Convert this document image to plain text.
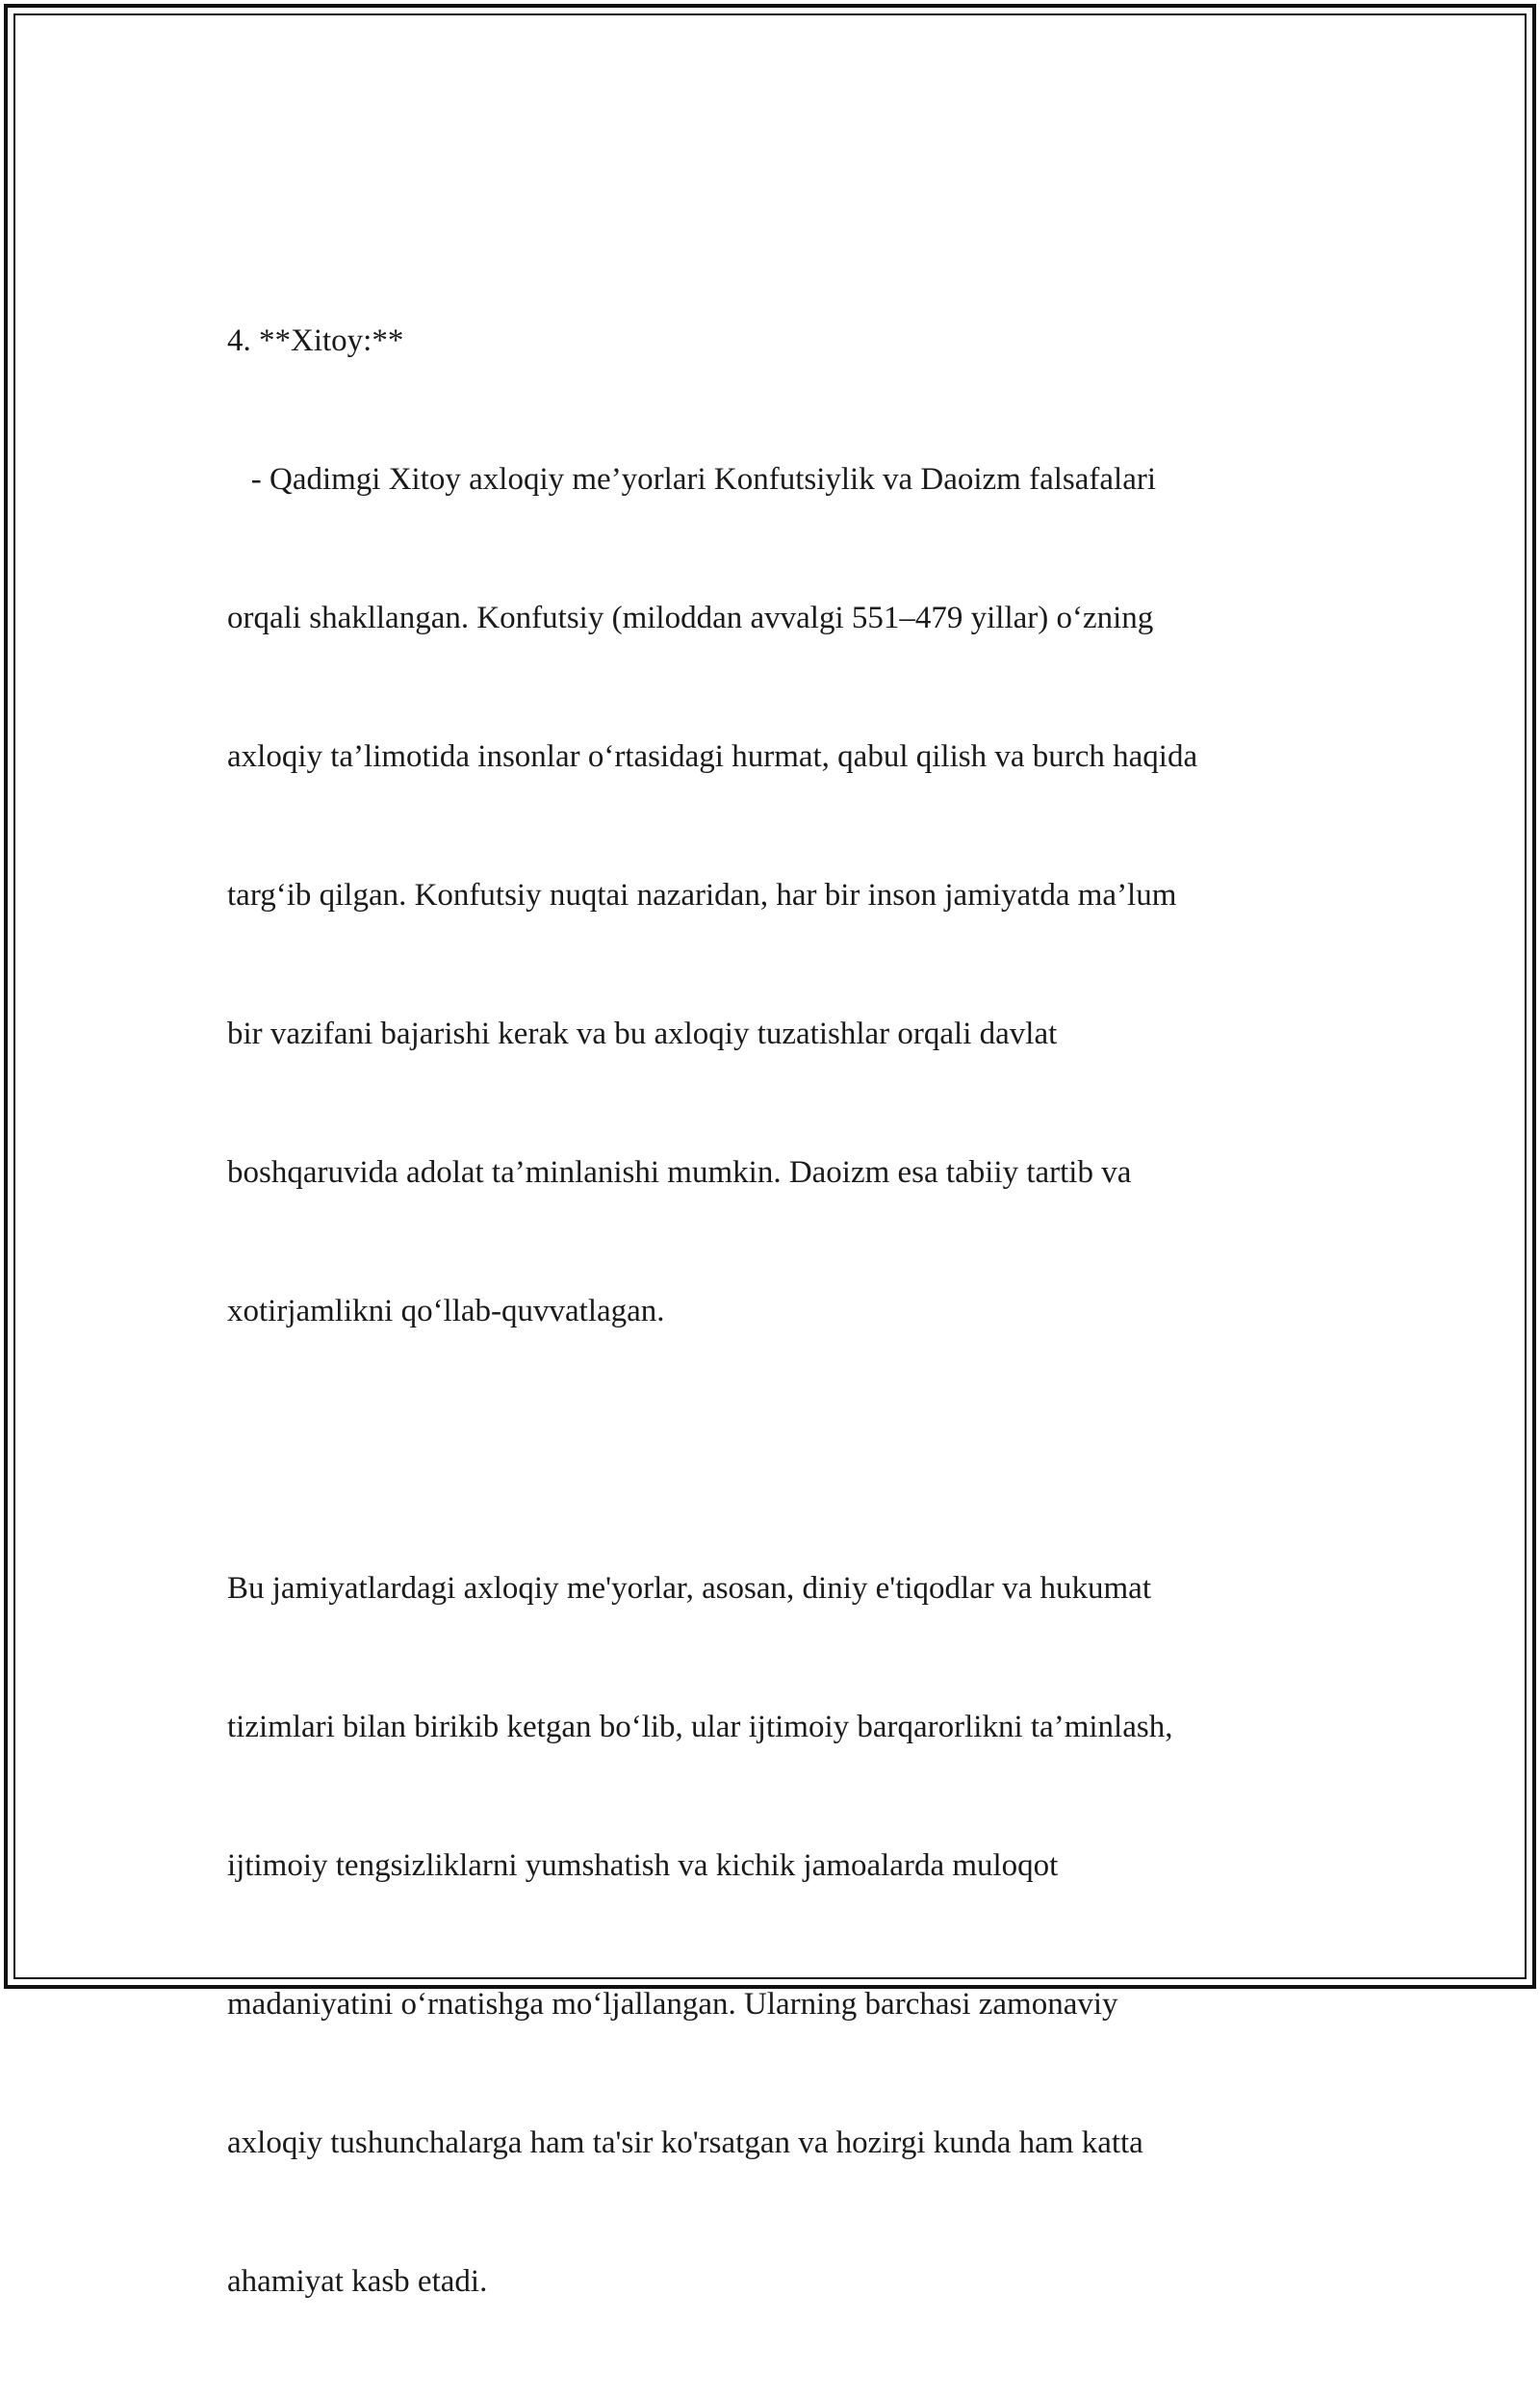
4. **Xitoy:**

- Qadimgi Xitoy axloqiy me’yorlari Konfutsiylik va Daoizm falsafalari

orqali shakllangan. Konfutsiy (miloddan avvalgi 551–479 yillar) o‘zning

axloqiy ta’limotida insonlar o‘rtasidagi hurmat, qabul qilish va burch haqida

targ‘ib qilgan. Konfutsiy nuqtai nazaridan, har bir inson jamiyatda ma’lum

bir vazifani bajarishi kerak va bu axloqiy tuzatishlar orqali davlat

boshqaruvida adolat ta’minlanishi mumkin. Daoizm esa tabiiy tartib va

xotirjamlikni qo‘llab-quvvatlagan.

Bu jamiyatlardagi axloqiy me'yorlar, asosan, diniy e'tiqodlar va hukumat

tizimlari bilan birikib ketgan bo‘lib, ular ijtimoiy barqarorlikni ta’minlash,

ijtimoiy tengsizliklarni yumshatish va kichik jamoalarda muloqot

madaniyatini o‘rnatishga mo‘ljallangan. Ularning barchasi zamonaviy

axloqiy tushunchalarga ham ta'sir ko'rsatgan va hozirgi kunda ham katta

ahamiyat kasb etadi.
